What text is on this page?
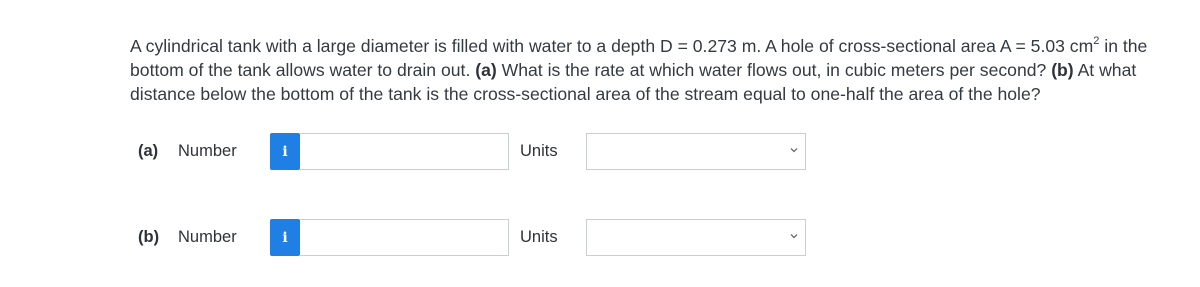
A cylindrical tank with a large diameter is filled with water to a depth D = 0.273 m. A hole of cross-sectional area A = 5.03 $cm^2$ in the bottom of the tank allows water to drain out. (a) What is the rate at which water flows out, in cubic meters per second? (b) At what distance below the bottom of the tank is the cross-sectional area of the stream equal to one-half the area of the hole?
(a) Number	i	Units
(b) Number	i	Units
